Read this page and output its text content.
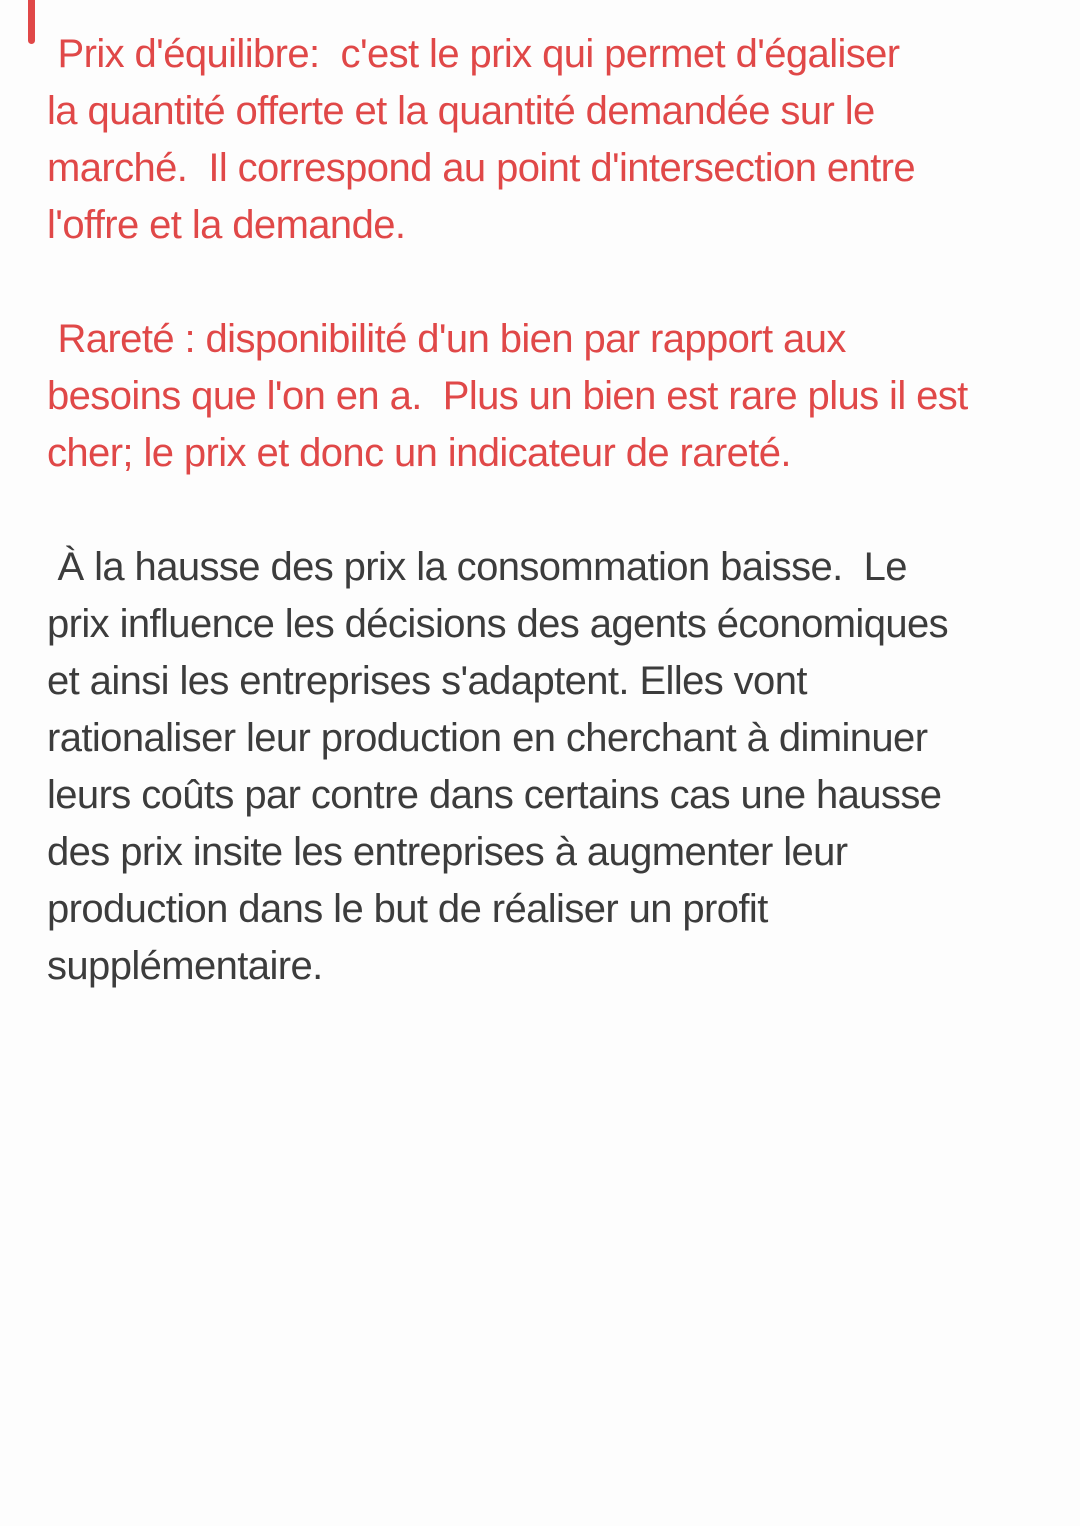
Prix d'équilibre:  c'est le prix qui permet d'égaliser
la quantité offerte et la quantité demandée sur le
marché.  Il correspond au point d'intersection entre
l'offre et la demande.
Rareté : disponibilité d'un bien par rapport aux
besoins que l'on en a.  Plus un bien est rare plus il est
cher; le prix et donc un indicateur de rareté.
À la hausse des prix la consommation baisse.  Le
prix influence les décisions des agents économiques
et ainsi les entreprises s'adaptent. Elles vont
rationaliser leur production en cherchant à diminuer
leurs coûts par contre dans certains cas une hausse
des prix insite les entreprises à augmenter leur
production dans le but de réaliser un profit
supplémentaire.
